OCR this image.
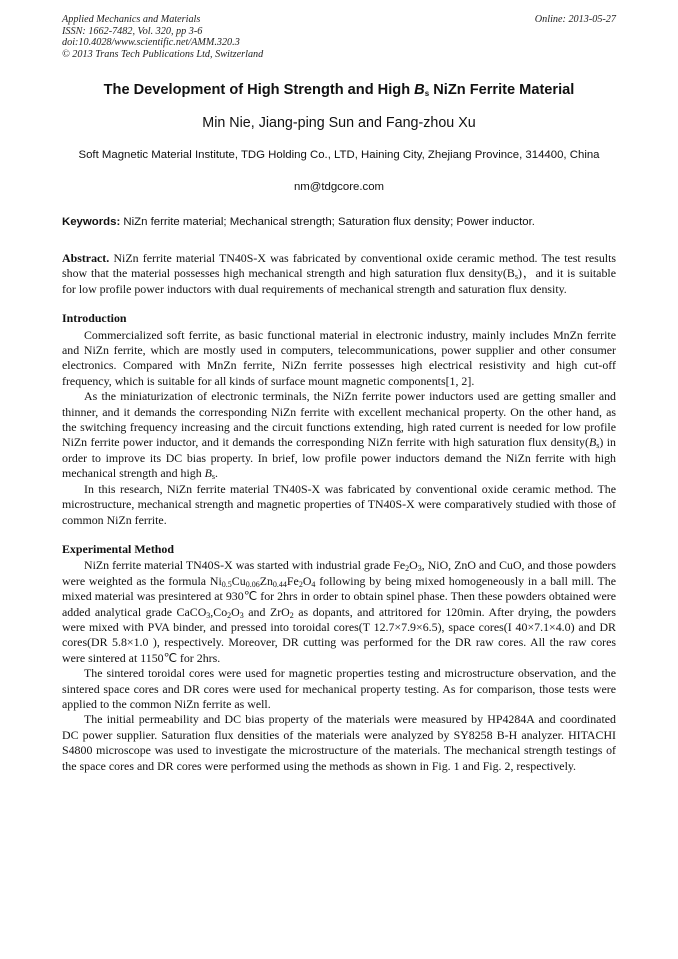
Applied Mechanics and Materials
ISSN: 1662-7482, Vol. 320, pp 3-6
doi:10.4028/www.scientific.net/AMM.320.3
© 2013 Trans Tech Publications Ltd, Switzerland
Online: 2013-05-27
The Development of High Strength and High $B_s$ NiZn Ferrite Material
Min Nie, Jiang-ping Sun and Fang-zhou Xu
Soft Magnetic Material Institute, TDG Holding Co., LTD, Haining City, Zhejiang Province, 314400, China
nm@tdgcore.com
Keywords: NiZn ferrite material; Mechanical strength; Saturation flux density; Power inductor.

Abstract. NiZn ferrite material TN40S-X was fabricated by conventional oxide ceramic method. The test results show that the material possesses high mechanical strength and high saturation flux $density(B_s)$，and it is suitable for low profile power inductors with dual requirements of mechanical strength and saturation flux density.

Introduction

Commercialized soft ferrite, as basic functional material in electronic industry, mainly includes MnZn ferrite and NiZn ferrite, which are mostly used in computers, telecommunications, power supplier and other consumer electronics. Compared with MnZn ferrite, NiZn ferrite possesses high electrical resistivity and high cut-off frequency, which is suitable for all kinds of surface mount magnetic components[1, 2].

As the miniaturization of electronic terminals, the NiZn ferrite power inductors used are getting smaller and thinner, and it demands the corresponding NiZn ferrite with excellent mechanical property. On the other hand, as the switching frequency increasing and the circuit functions extending, high rated current is needed for low profile NiZn ferrite power inductor, and it demands the corresponding NiZn ferrite with high saturation flux $density(B_s)$ in order to improve its DC bias property. In brief, low profile power inductors demand the NiZn ferrite with high mechanical strength and high $B_s$.

In this research, NiZn ferrite material TN40S-X was fabricated by conventional oxide ceramic method. The microstructure, mechanical strength and magnetic properties of TN40S-X were comparatively studied with those of common NiZn ferrite.

Experimental Method

NiZn ferrite material TN40S-X was started with industrial grade $Fe_2O_3$, NiO, ZnO and CuO, and those powders were weighted as the formula $Ni_{0.5}Cu_{0.06}Zn_{0.44}Fe_2O_4$ following by being mixed homogeneously in a ball mill. The mixed material was presintered at 930℃ for 2hrs in order to obtain spinel phase. Then these powders obtained were added analytical grade $CaCO_3,Co_2O_3$ and ZrO$_2$ as dopants, and attritored for 120min. After drying, the powders were mixed with PVA binder, and pressed into toroidal cores(T 12.7×7.9×6.5), space cores(I 40×7.1×4.0) and DR cores(DR 5.8×1.0 ), respectively. Moreover, DR cutting was performed for the DR raw cores. All the raw cores were sintered at 1150℃ for 2hrs.

The sintered toroidal cores were used for magnetic properties testing and microstructure observation, and the sintered space cores and DR cores were used for mechanical property testing. As for comparison, those tests were applied to the common NiZn ferrite as well.

The initial permeability and DC bias property of the materials were measured by HP4284A and coordinated DC power supplier. Saturation flux densities of the materials were analyzed by SY8258 B-H analyzer. HITACHI S4800 microscope was used to investigate the microstructure of the materials. The mechanical strength testings of the space cores and DR cores were performed using the methods as shown in Fig. 1 and Fig. 2, respectively.
